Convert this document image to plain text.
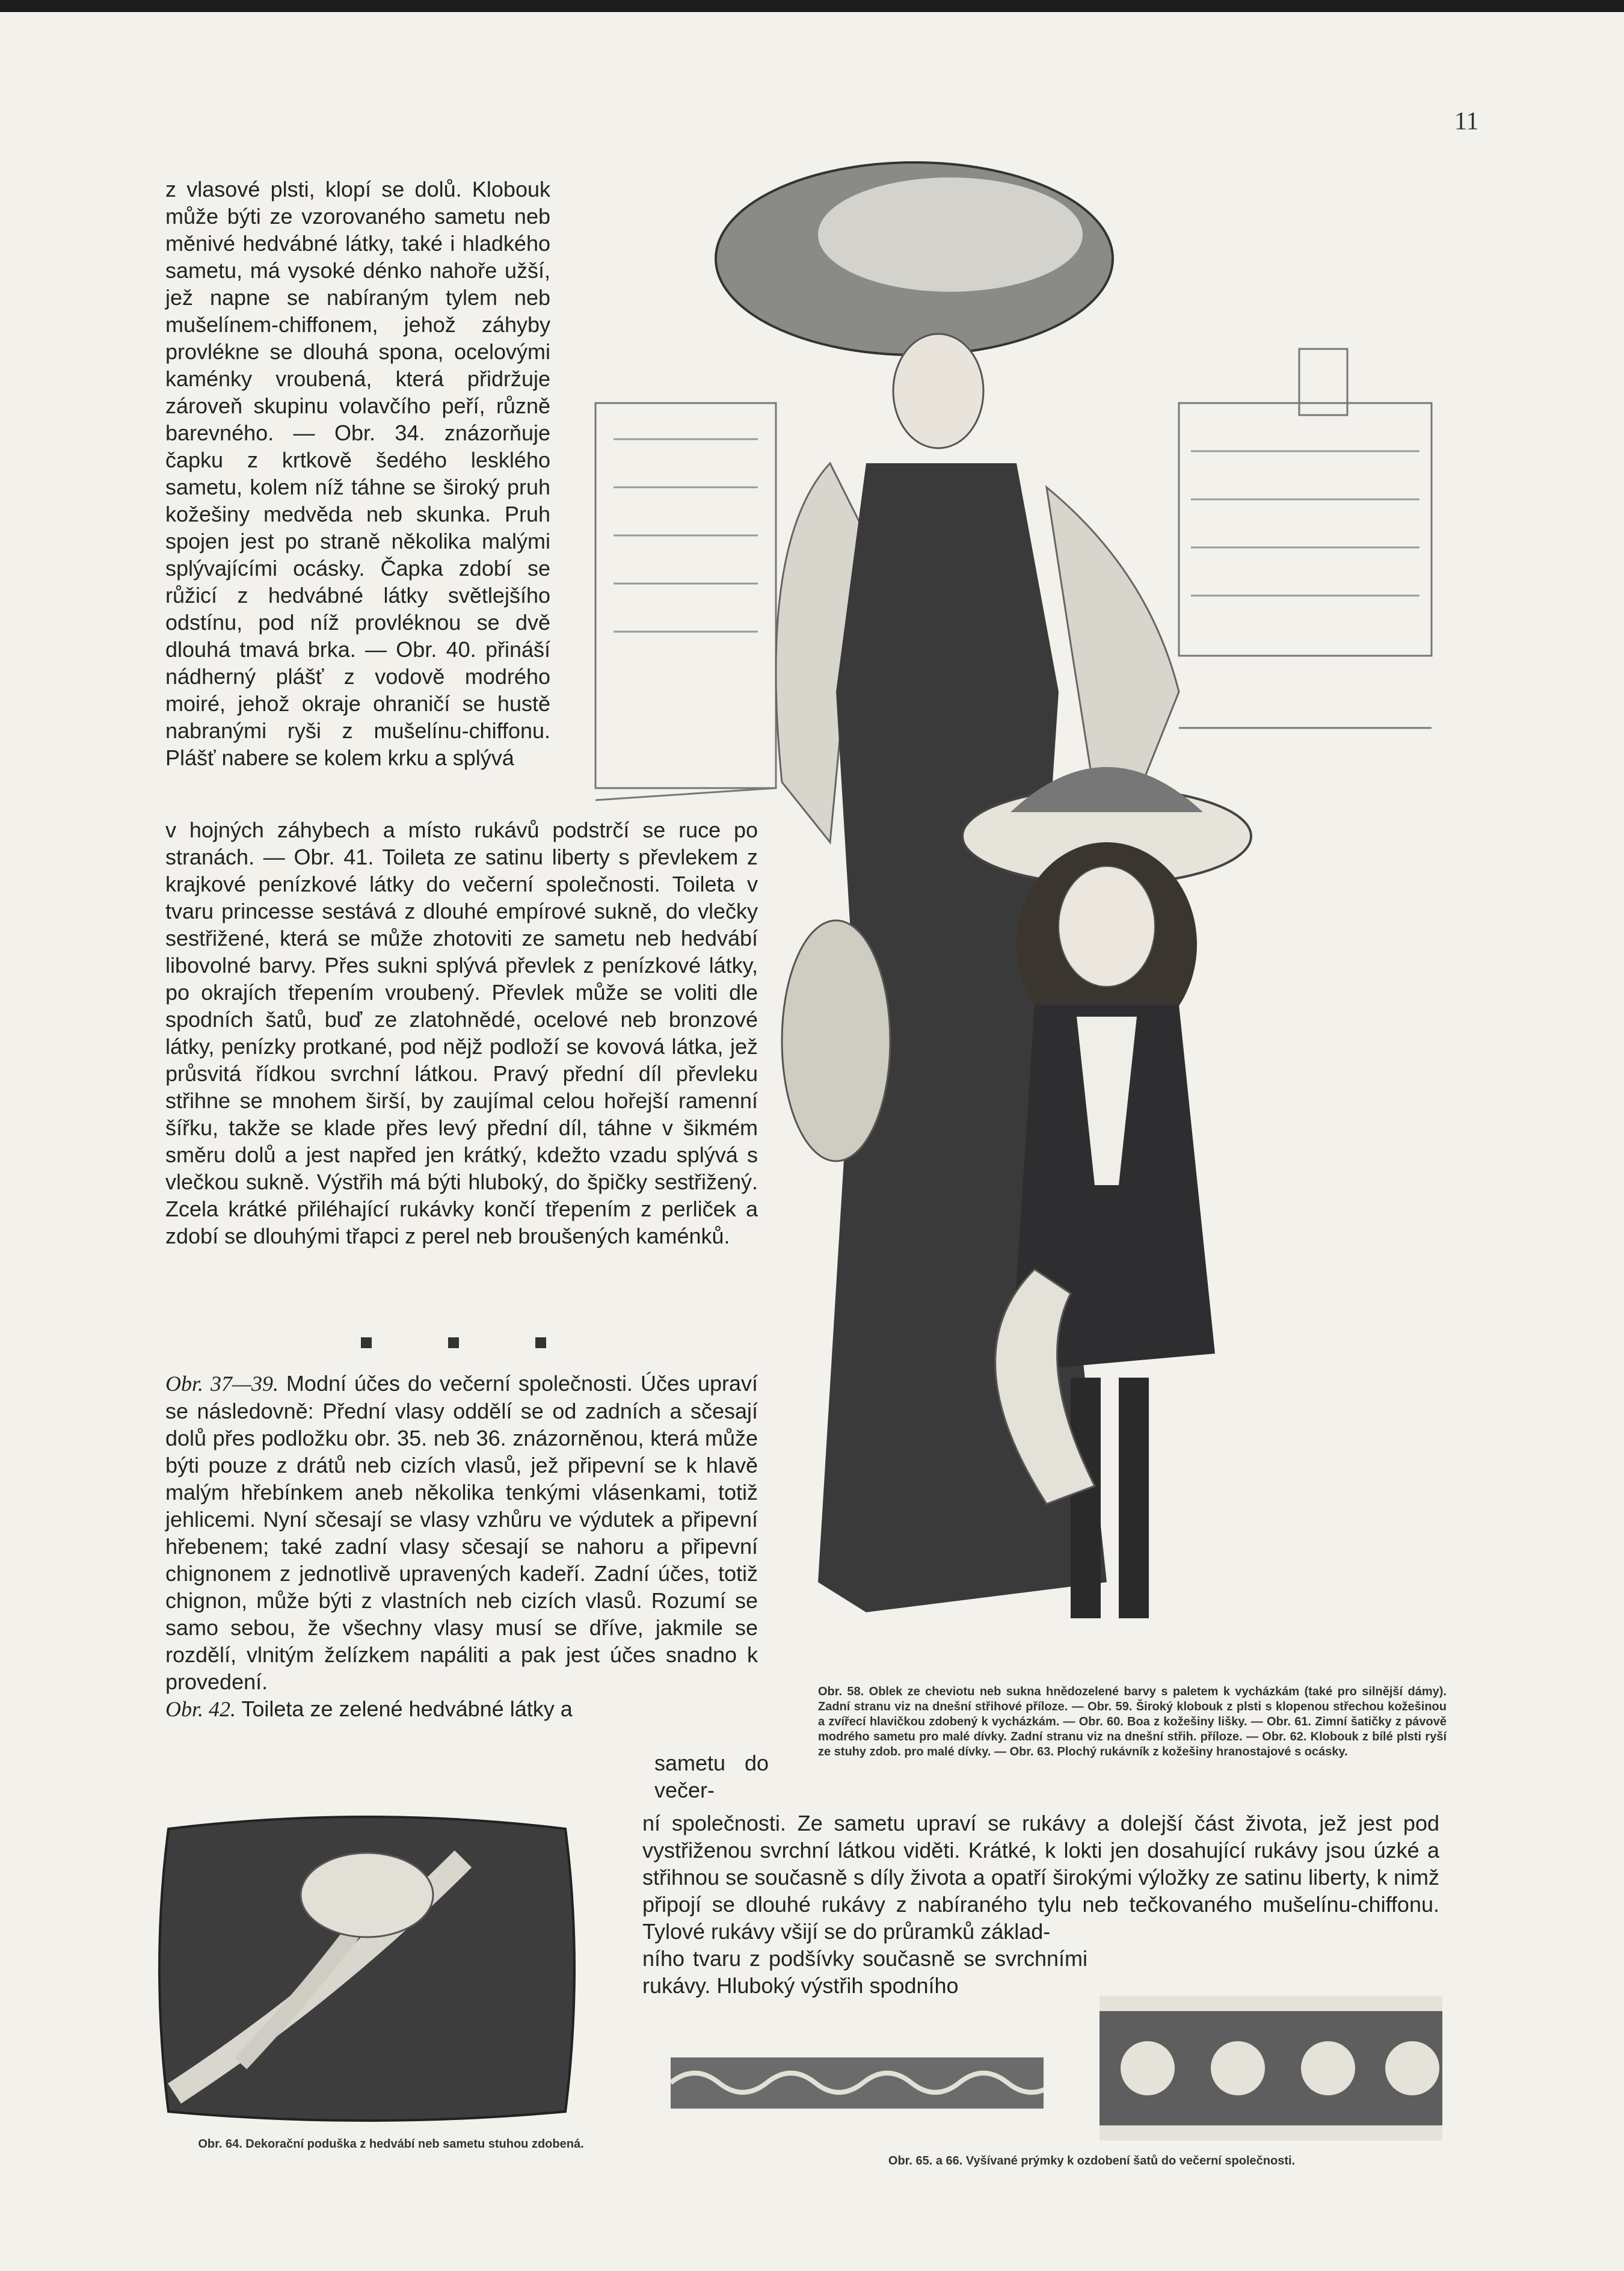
11

z vlasové plsti, klopí se dolů. Klobouk může býti ze vzorovaného sametu neb měnivé hedvábné látky, také i hladkého sametu, má vysoké dénko nahoře užší, jež napne se nabíraným tylem neb mušelínem-chiffonem, jehož záhyby provlékne se dlouhá spona, ocelovými kaménky vroubená, která přidržuje zároveň skupinu volavčího peří, různě barevného. — Obr. 34. znázorňuje čapku z krtkově šedého lesklého sametu, kolem níž táhne se široký pruh kožešiny medvěda neb skunka. Pruh spojen jest po straně několika malými splývajícími ocásky. Čapka zdobí se růžicí z hedvábné látky světlejšího odstínu, pod níž provléknou se dvě dlouhá tmavá brka. — Obr. 40. přináší nádherný plášť z vodově modrého moiré, jehož okraje ohraničí se hustě nabranými ryši z mušelínu-chiffonu. Plášť nabere se kolem krku a splývá

v hojných záhybech a místo rukávů podstrčí se ruce po stranách. — Obr. 41. Toileta ze satinu liberty s převlekem z krajkové penízkové látky do večerní společnosti. Toileta v tvaru princesse sestává z dlouhé empírové sukně, do vlečky sestřižené, která se může zhotoviti ze sametu neb hedvábí libovolné barvy. Přes sukni splývá převlek z penízkové látky, po okrajích třepením vroubený. Převlek může se voliti dle spodních šatů, buď ze zlatohnědé, ocelové neb bronzové látky, penízky protkané, pod nějž podloží se kovová látka, jež průsvitá řídkou svrchní látkou. Pravý přední díl převleku střihne se mnohem širší, by zaujímal celou hořejší ramenní šířku, takže se klade přes levý přední díl, táhne v šikmém směru dolů a jest napřed jen krátký, kdežto vzadu splývá s vlečkou sukně. Výstřih má býti hluboký, do špičky sestřižený. Zcela krátké přiléhající rukávky končí třepením z perliček a zdobí se dlouhými třapci z perel neb broušených kaménků.

Obr. 37—39. Modní účes do večerní společnosti. Účes upraví se následovně: Přední vlasy oddělí se od zadních a sčesají dolů přes podložku obr. 35. neb 36. znázorněnou, která může býti pouze z drátů neb cizích vlasů, jež připevní se k hlavě malým hřebínkem aneb několika tenkými vlásenkami, totiž jehlicemi. Nyní sčesají se vlasy vzhůru ve výdutek a připevní hřebenem; také zadní vlasy sčesají se nahoru a připevní chignonem z jednotlivě upravených kadeří. Zadní účes, totiž chignon, může býti z vlastních neb cizích vlasů. Rozumí se samo sebou, že všechny vlasy musí se dříve, jakmile se rozdělí, vlnitým želízkem napáliti a pak jest účes snadno k provedení.

Obr. 42. Toileta ze zelené hedvábné látky a

sametu do večer-
Obr. 58. Oblek ze cheviotu neb sukna hnědozelené barvy s paletem k vycházkám (také pro silnější dámy). Zadní stranu viz na dnešní střihové příloze. — Obr. 59. Široký klobouk z plsti s klopenou střechou kožešinou a zvířecí hlavičkou zdobený k vycházkám. — Obr. 60. Boa z kožešiny lišky. — Obr. 61. Zimní šatičky z pávově modrého sametu pro malé dívky. Zadní stranu viz na dnešní střih. příloze. — Obr. 62. Klobouk z bílé plsti ryší ze stuhy zdob. pro malé dívky. — Obr. 63. Plochý rukávník z kožešiny hranostajové s ocásky.
Obr. 64. Dekorační poduška z hedvábí neb sametu stuhou zdobená.

ní společnosti. Ze sametu upraví se rukávy a dolejší část života, jež jest pod vystřiženou svrchní látkou viděti. Krátké, k lokti jen dosahující rukávy jsou úzké a střihnou se současně s díly života a opatří širokými výložky ze satinu liberty, k nimž připojí se dlouhé rukávy z nabíraného tylu neb tečkovaného mušelínu-chiffonu. Tylové rukávy všijí se do průramků základ-

ního tvaru z podšívky současně se svrchními rukávy. Hluboký výstřih spodního

Obr. 65. a 66. Vyšívané prýmky k ozdobení šatů do večerní společnosti.
